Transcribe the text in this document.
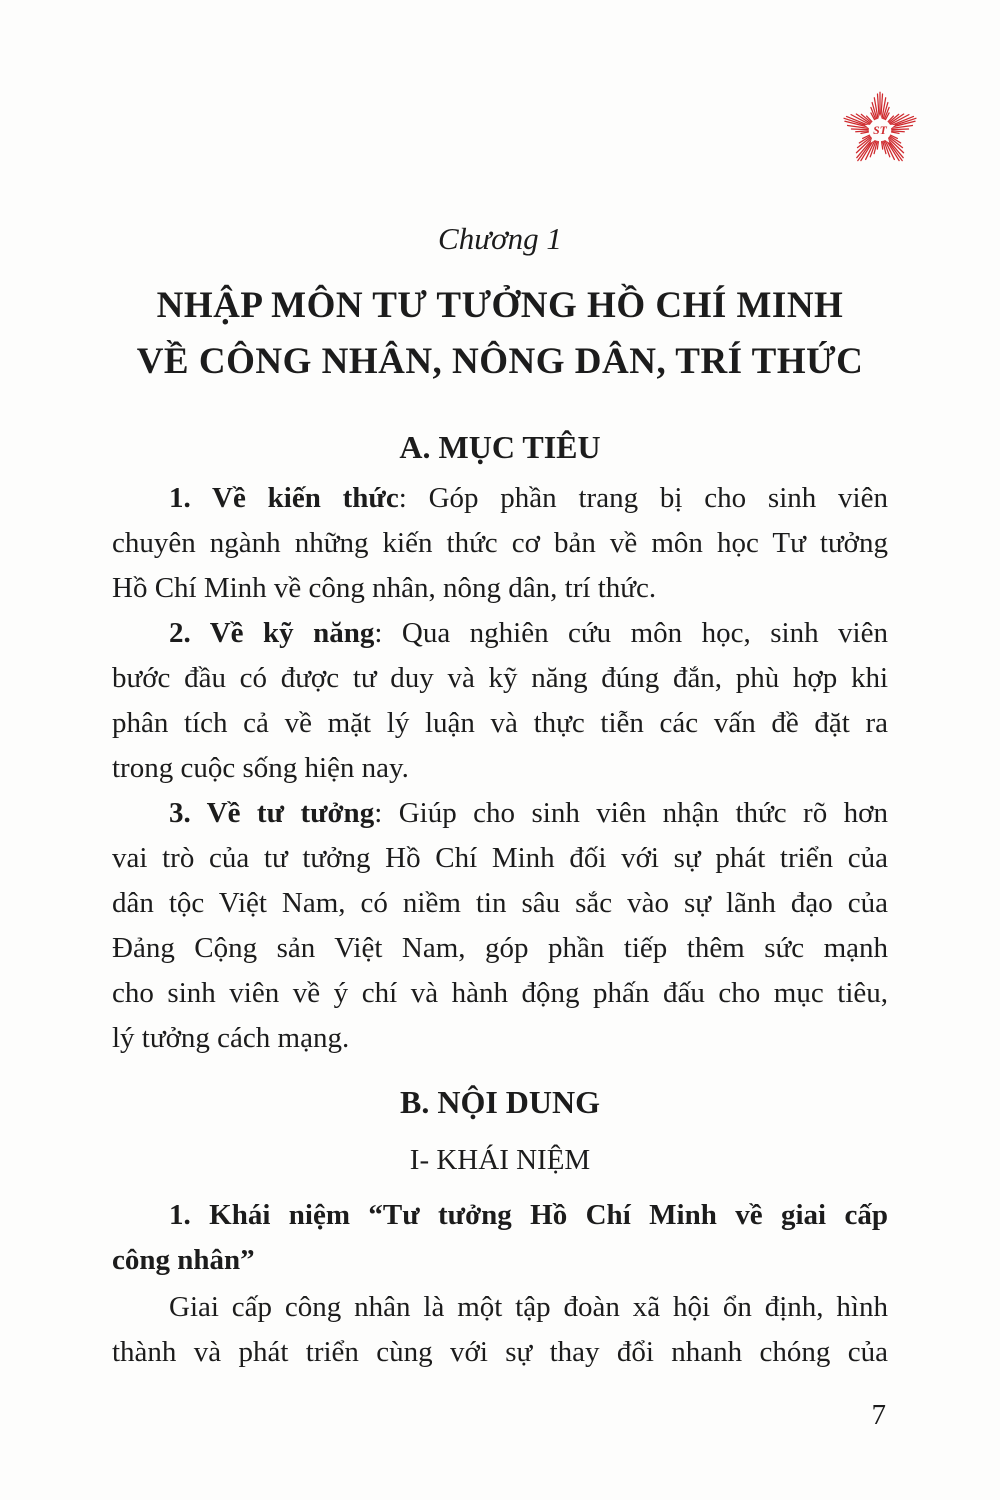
ST
Chương 1
NHẬP MÔN TƯ TƯỞNG HỒ CHÍ MINH
VỀ CÔNG NHÂN, NÔNG DÂN, TRÍ THỨC
A. MỤC TIÊU
1. Về kiến thức: Góp phần trang bị cho sinh viên
chuyên ngành những kiến thức cơ bản về môn học Tư tưởng
Hồ Chí Minh về công nhân, nông dân, trí thức.
2. Về kỹ năng: Qua nghiên cứu môn học, sinh viên
bước đầu có được tư duy và kỹ năng đúng đắn, phù hợp khi
phân tích cả về mặt lý luận và thực tiễn các vấn đề đặt ra
trong cuộc sống hiện nay.
3. Về tư tưởng: Giúp cho sinh viên nhận thức rõ hơn
vai trò của tư tưởng Hồ Chí Minh đối với sự phát triển của
dân tộc Việt Nam, có niềm tin sâu sắc vào sự lãnh đạo của
Đảng Cộng sản Việt Nam, góp phần tiếp thêm sức mạnh
cho sinh viên về ý chí và hành động phấn đấu cho mục tiêu,
lý tưởng cách mạng.
B. NỘI DUNG
I- KHÁI NIỆM
1. Khái niệm “Tư tưởng Hồ Chí Minh về giai cấp
công nhân”
Giai cấp công nhân là một tập đoàn xã hội ổn định, hình
thành và phát triển cùng với sự thay đổi nhanh chóng của
7
